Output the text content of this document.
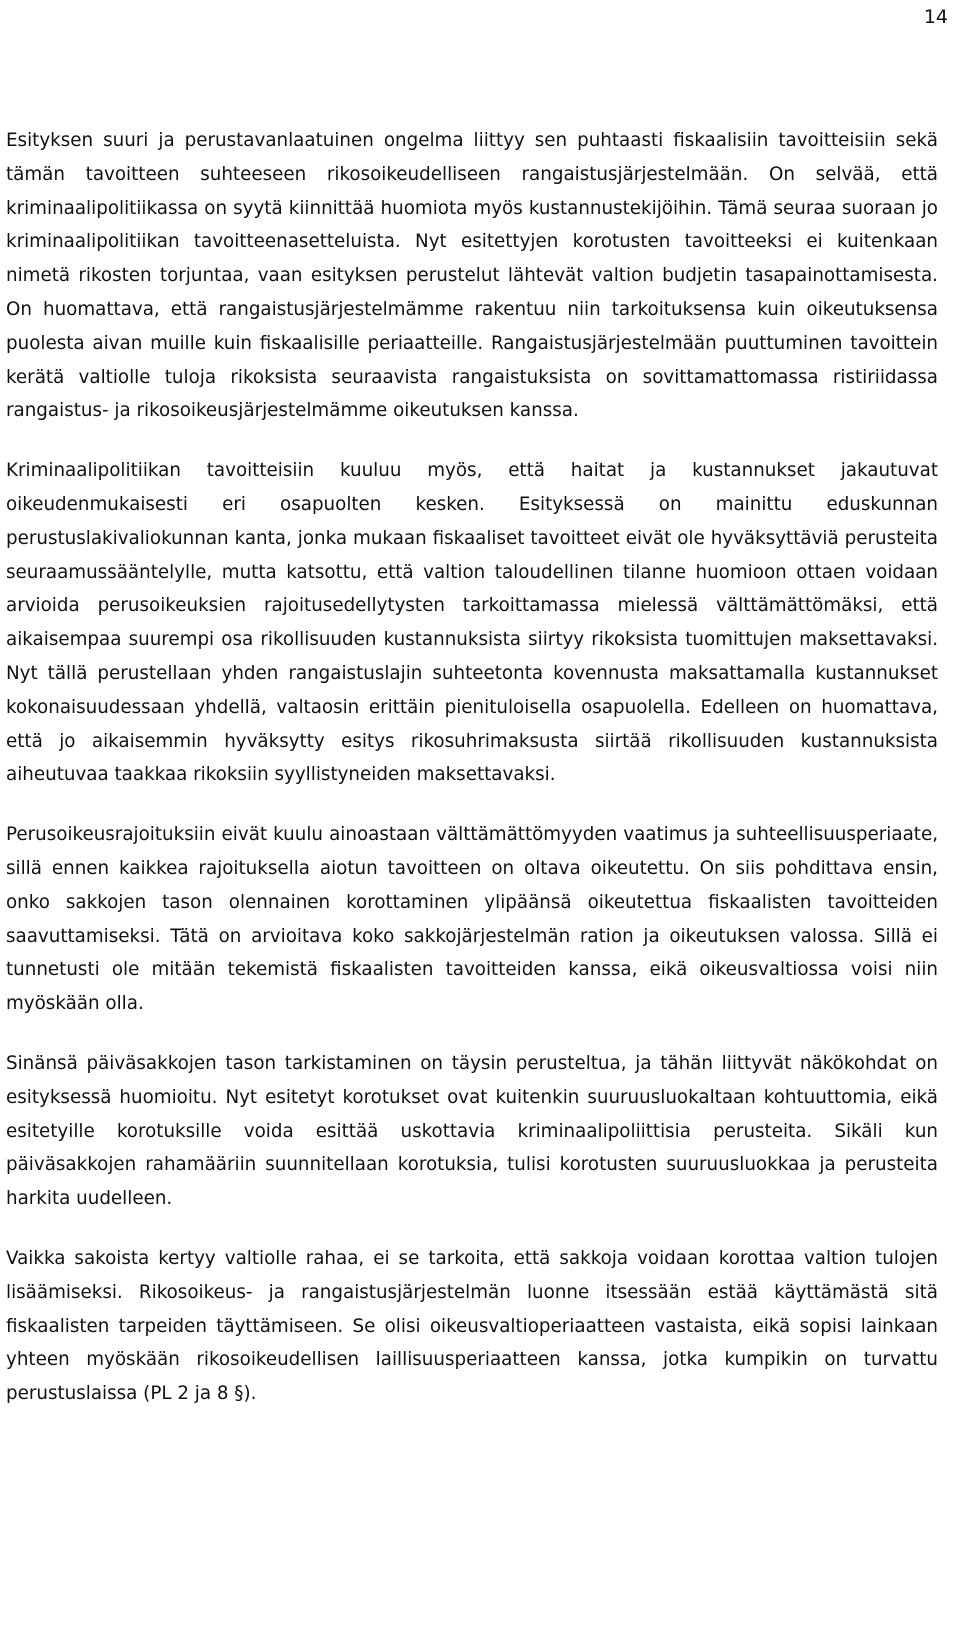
14

Esityksen suuri ja perustavanlaatuinen ongelma liittyy sen puhtaasti fiskaalisiin tavoitteisiin sekä tämän tavoitteen suhteeseen rikosoikeudelliseen rangaistusjärjestelmään. On selvää, että kriminaalipolitiikassa on syytä kiinnittää huomiota myös kustannustekijöihin. Tämä seuraa suoraan jo kriminaalipolitiikan tavoitteenasetteluista. Nyt esitettyjen korotusten tavoitteeksi ei kuitenkaan nimetä rikosten torjuntaa, vaan esityksen perustelut lähtevät valtion budjetin tasapainottamisesta. On huomattava, että rangaistusjärjestelmämme rakentuu niin tarkoituksensa kuin oikeutuksensa puolesta aivan muille kuin fiskaalisille periaatteille. Rangaistusjärjestelmään puuttuminen tavoittein kerätä valtiolle tuloja rikoksista seuraavista rangaistuksista on sovittamattomassa ristiriidassa rangaistus- ja rikosoikeusjärjestelmämme oikeutuksen kanssa.

Kriminaalipolitiikan tavoitteisiin kuuluu myös, että haitat ja kustannukset jakautuvat oikeudenmukaisesti eri osapuolten kesken. Esityksessä on mainittu eduskunnan perustuslakivaliokunnan kanta, jonka mukaan fiskaaliset tavoitteet eivät ole hyväksyttäviä perusteita seuraamussääntelylle, mutta katsottu, että valtion taloudellinen tilanne huomioon ottaen voidaan arvioida perusoikeuksien rajoitusedellytysten tarkoittamassa mielessä välttämättömäksi, että aikaisempaa suurempi osa rikollisuuden kustannuksista siirtyy rikoksista tuomittujen maksettavaksi. Nyt tällä perustellaan yhden rangaistuslajin suhteetonta kovennusta maksattamalla kustannukset kokonaisuudessaan yhdellä, valtaosin erittäin pienituloisella osapuolella. Edelleen on huomattava, että jo aikaisemmin hyväksytty esitys rikosuhrimaksusta siirtää rikollisuuden kustannuksista aiheutuvaa taakkaa rikoksiin syyllistyneiden maksettavaksi.

Perusoikeusrajoituksiin eivät kuulu ainoastaan välttämättömyyden vaatimus ja suhteellisuusperiaate, sillä ennen kaikkea rajoituksella aiotun tavoitteen on oltava oikeutettu. On siis pohdittava ensin, onko sakkojen tason olennainen korottaminen ylipäänsä oikeutettua fiskaalisten tavoitteiden saavuttamiseksi. Tätä on arvioitava koko sakkojärjestelmän ration ja oikeutuksen valossa. Sillä ei tunnetusti ole mitään tekemistä fiskaalisten tavoitteiden kanssa, eikä oikeusvaltiossa voisi niin myöskään olla.

Sinänsä päiväsakkojen tason tarkistaminen on täysin perusteltua, ja tähän liittyvät näkökohdat on esityksessä huomioitu. Nyt esitetyt korotukset ovat kuitenkin suuruusluokaltaan kohtuuttomia, eikä esitetyille korotuksille voida esittää uskottavia kriminaalipoliittisia perusteita. Sikäli kun päiväsakkojen rahamääriin suunnitellaan korotuksia, tulisi korotusten suuruusluokkaa ja perusteita harkita uudelleen.

Vaikka sakoista kertyy valtiolle rahaa, ei se tarkoita, että sakkoja voidaan korottaa valtion tulojen lisäämiseksi. Rikosoikeus- ja rangaistusjärjestelmän luonne itsessään estää käyttämästä sitä fiskaalisten tarpeiden täyttämiseen. Se olisi oikeusvaltioperiaatteen vastaista, eikä sopisi lainkaan yhteen myöskään rikosoikeudellisen laillisuusperiaatteen kanssa, jotka kumpikin on turvattu perustuslaissa (PL 2 ja 8 §).
